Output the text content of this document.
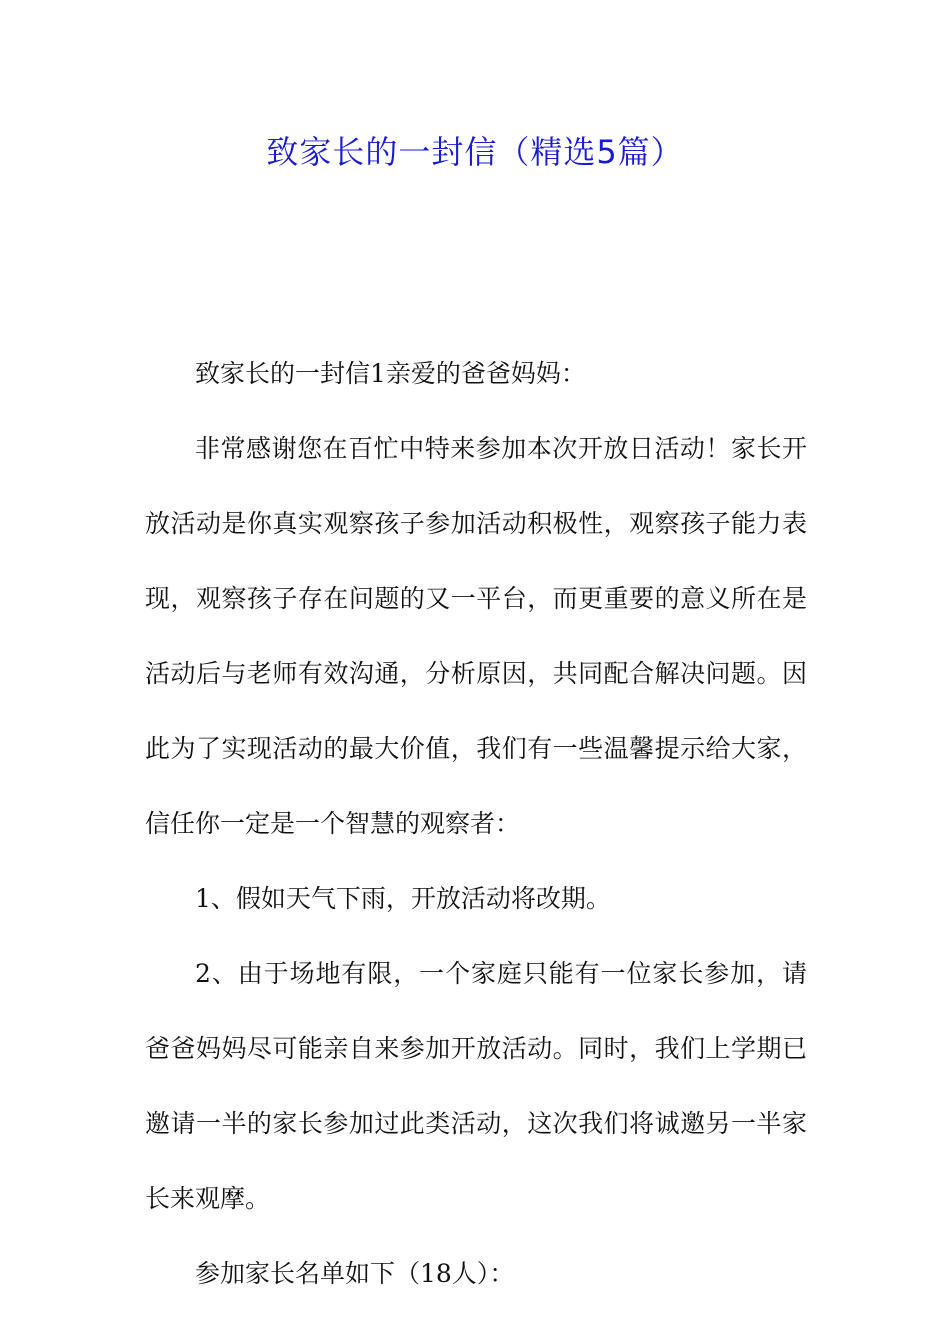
致家长的一封信（精选5篇）

致家长的一封信1亲爱的爸爸妈妈：

非常感谢您在百忙中特来参加本次开放日活动！家长开放活动是你真实观察孩子参加活动积极性，观察孩子能力表现，观察孩子存在问题的又一平台，而更重要的意义所在是活动后与老师有效沟通，分析原因，共同配合解决问题。因此为了实现活动的最大价值，我们有一些温馨提示给大家，信任你一定是一个智慧的观察者：

1、假如天气下雨，开放活动将改期。

2、由于场地有限，一个家庭只能有一位家长参加，请爸爸妈妈尽可能亲自来参加开放活动。同时，我们上学期已邀请一半的家长参加过此类活动，这次我们将诚邀另一半家长来观摩。

参加家长名单如下（18人）：
